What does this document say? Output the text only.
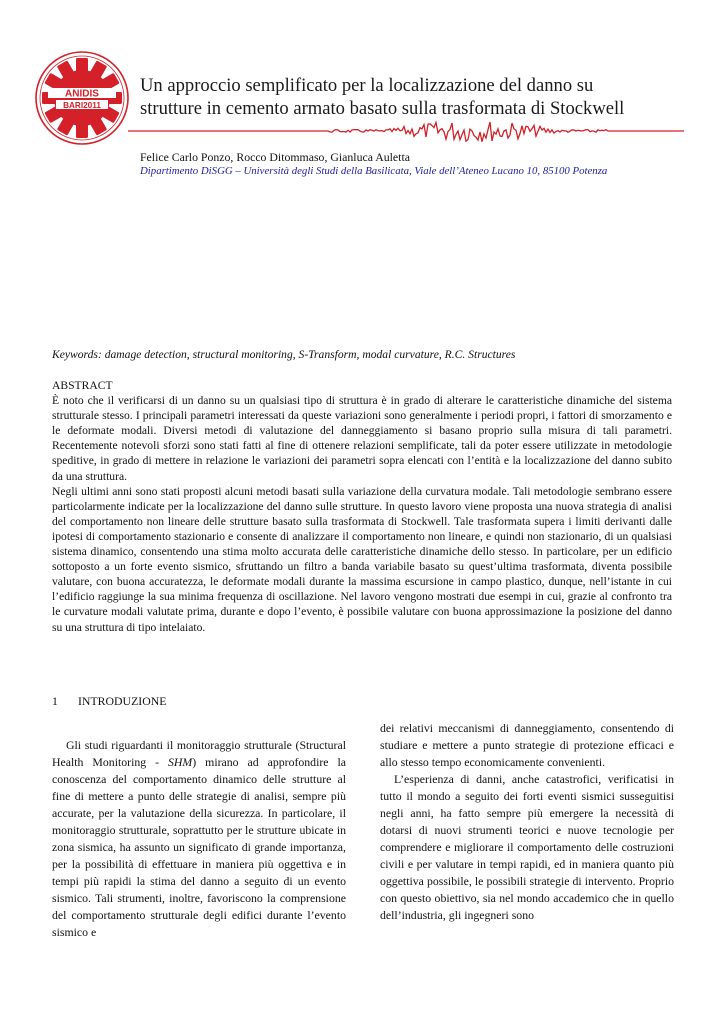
ANIDIS
BARI2011
Un approccio semplificato per la localizzazione del danno su
strutture in cemento armato basato sulla trasformata di Stockwell
Felice Carlo Ponzo, Rocco Ditommaso, Gianluca Auletta
Dipartimento DiSGG – Università degli Studi della Basilicata, Viale dell’Ateneo Lucano 10, 85100 Potenza
Keywords: damage detection, structural monitoring, S-Transform, modal curvature, R.C. Structures
ABSTRACT
È noto che il verificarsi di un danno su un qualsiasi tipo di struttura è in grado di alterare le caratteristiche dinamiche del sistema strutturale stesso. I principali parametri interessati da queste variazioni sono generalmente i periodi propri, i fattori di smorzamento e le deformate modali. Diversi metodi di valutazione del danneggiamento si basano proprio sulla misura di tali parametri. Recentemente notevoli sforzi sono stati fatti al fine di ottenere relazioni semplificate, tali da poter essere utilizzate in metodologie speditive, in grado di mettere in relazione le variazioni dei parametri sopra elencati con l’entità e la localizzazione del danno subito da una struttura.
Negli ultimi anni sono stati proposti alcuni metodi basati sulla variazione della curvatura modale. Tali metodologie sembrano essere particolarmente indicate per la localizzazione del danno sulle strutture. In questo lavoro viene proposta una nuova strategia di analisi del comportamento non lineare delle strutture basato sulla trasformata di Stockwell. Tale trasformata supera i limiti derivanti dalle ipotesi di comportamento stazionario e consente di analizzare il comportamento non lineare, e quindi non stazionario, di un qualsiasi sistema dinamico, consentendo una stima molto accurata delle caratteristiche dinamiche dello stesso. In particolare, per un edificio sottoposto a un forte evento sismico, sfruttando un filtro a banda variabile basato su quest’ultima trasformata, diventa possibile valutare, con buona accuratezza, le deformate modali durante la massima escursione in campo plastico, dunque, nell’istante in cui l’edificio raggiunge la sua minima frequenza di oscillazione. Nel lavoro vengono mostrati due esempi in cui, grazie al confronto tra le curvature modali valutate prima, durante e dopo l’evento, è possibile valutare con buona approssimazione la posizione del danno su una struttura di tipo intelaiato.
1 INTRODUZIONE

Gli studi riguardanti il monitoraggio strutturale (Structural Health Monitoring - SHM) mirano ad approfondire la conoscenza del comportamento dinamico delle strutture al fine di mettere a punto delle strategie di analisi, sempre più accurate, per la valutazione della sicurezza. In particolare, il monitoraggio strutturale, soprattutto per le strutture ubicate in zona sismica, ha assunto un significato di grande importanza, per la possibilità di effettuare in maniera più oggettiva e in tempi più rapidi la stima del danno a seguito di un evento sismico. Tali strumenti, inoltre, favoriscono la comprensione del comportamento strutturale degli edifici durante l’evento sismico e

dei relativi meccanismi di danneggiamento, consentendo di studiare e mettere a punto strategie di protezione efficaci e allo stesso tempo economicamente convenienti.

L’esperienza di danni, anche catastrofici, verificatisi in tutto il mondo a seguito dei forti eventi sismici susseguitisi negli anni, ha fatto sempre più emergere la necessità di dotarsi di nuovi strumenti teorici e nuove tecnologie per comprendere e migliorare il comportamento delle costruzioni civili e per valutare in tempi rapidi, ed in maniera quanto più oggettiva possibile, le possibili strategie di intervento. Proprio con questo obiettivo, sia nel mondo accademico che in quello dell’industria, gli ingegneri sono
